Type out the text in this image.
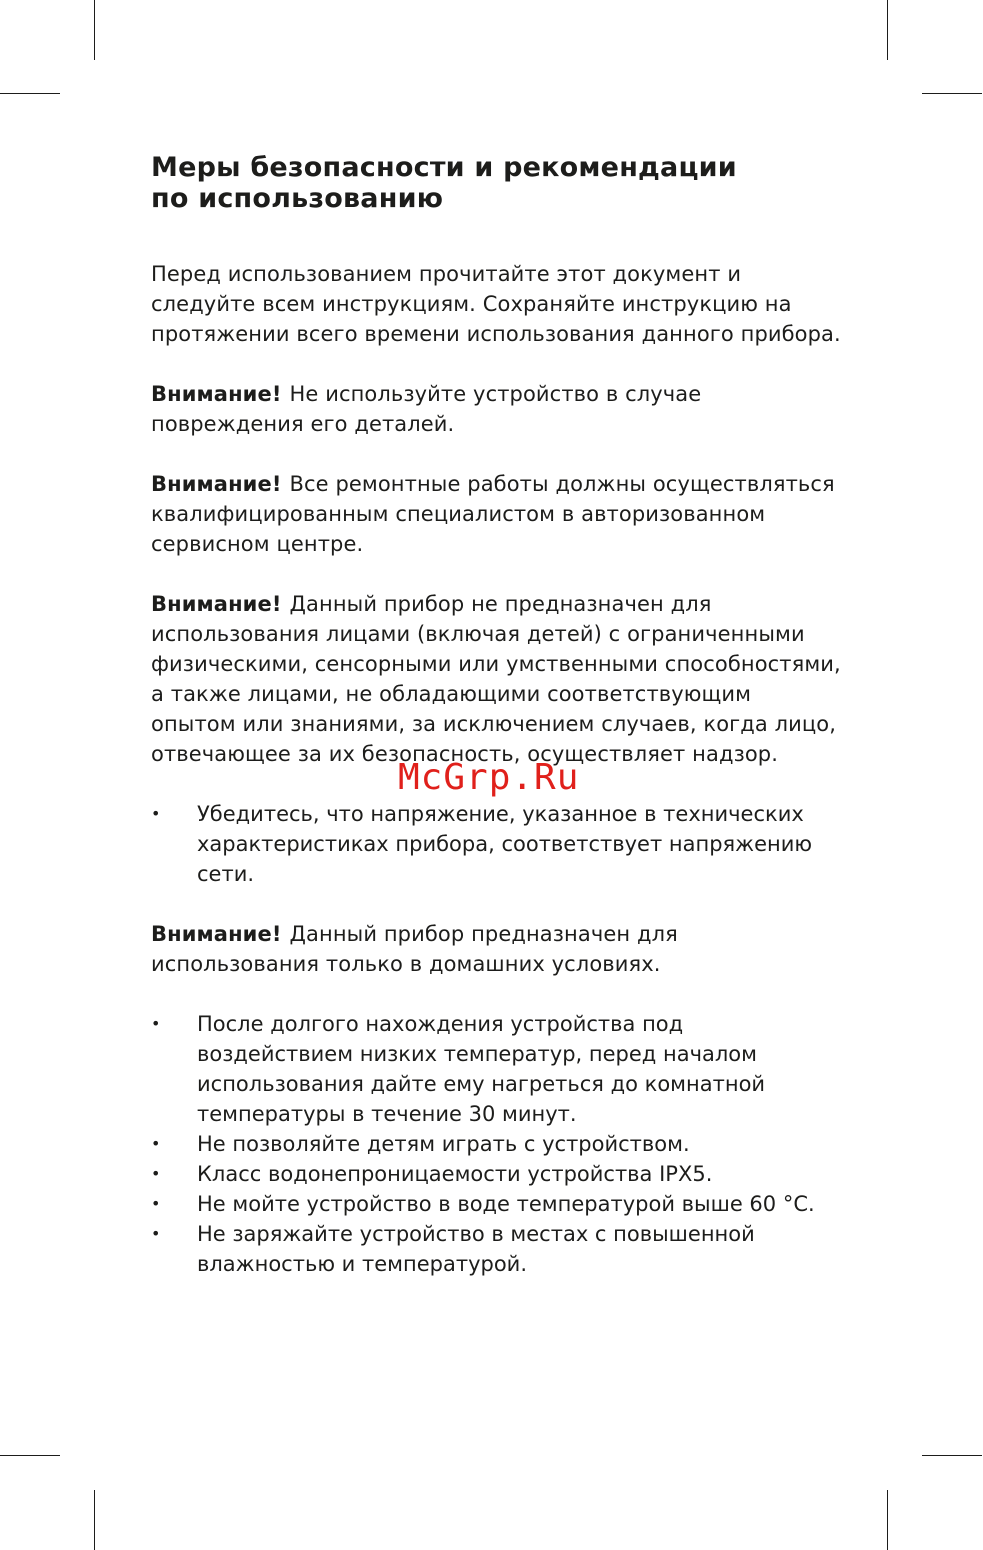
Меры безопасности и рекомендации
по использованию

Перед использованием прочитайте этот документ и следуйте всем инструкциям. Сохраняйте инструкцию на протяжении всего времени использования данного прибора.

Внимание! Не используйте устройство в случае повреждения его деталей.

Внимание! Все ремонтные работы должны осуществляться квалифицированным специалистом в авторизованном сервисном центре.

Внимание! Данный прибор не предназначен для использования лицами (включая детей) с ограниченными физическими, сенсорными или умственными способностями, а также лицами, не обладающими соответствующим опытом или знаниями, за исключением случаев, когда лицо, отвечающее за их безопасность, осуществляет надзор.

• Убедитесь, что напряжение, указанное в технических характеристиках прибора, соответствует напряжению сети.

Внимание! Данный прибор предназначен для использования только в домашних условиях.

• После долгого нахождения устройства под воздействием низких температур, перед началом использования дайте ему нагреться до комнатной температуры в течение 30 минут.
• Не позволяйте детям играть с устройством.
• Класс водонепроницаемости устройства IPX5.
• Не мойте устройство в воде температурой выше 60 °C.
• Не заряжайте устройство в местах с повышенной влажностью и температурой.
McGrp.Ru
